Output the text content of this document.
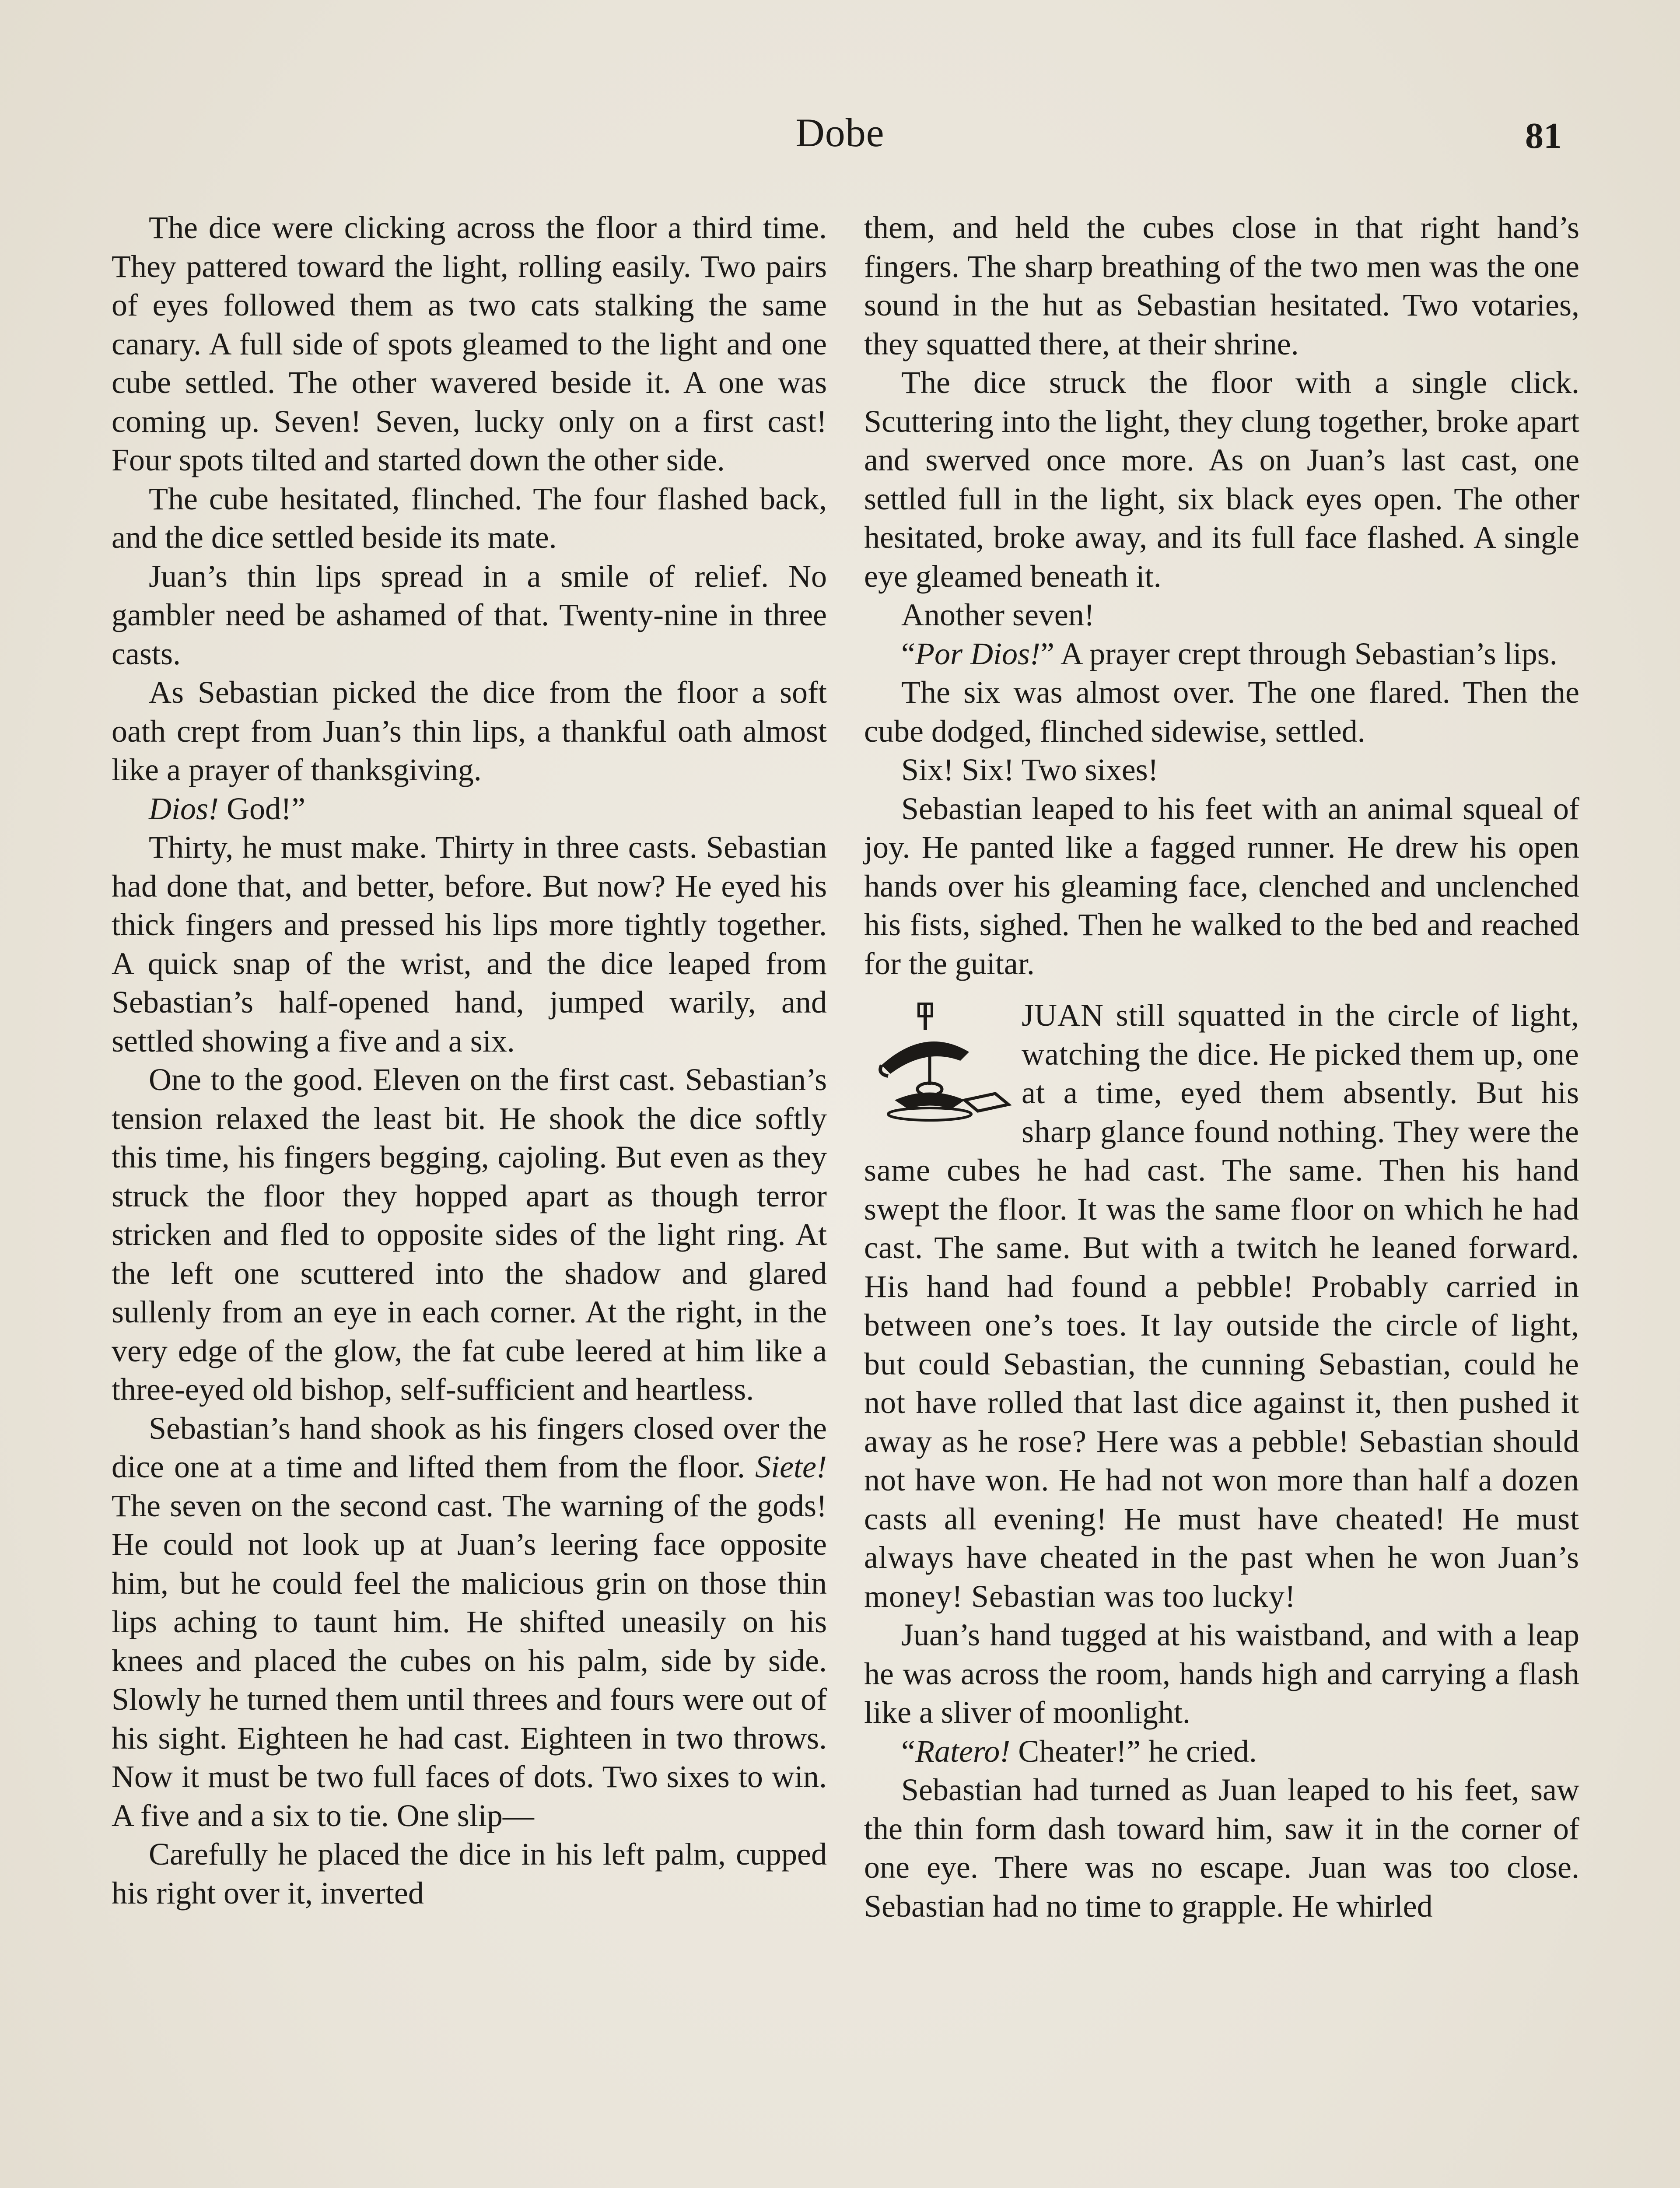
Dobe	81

The dice were clicking across the floor a third time. They pattered toward the light, rolling easily. Two pairs of eyes followed them as two cats stalking the same canary. A full side of spots gleamed to the light and one cube settled. The other wavered beside it. A one was coming up. Seven! Seven, lucky only on a first cast! Four spots tilted and started down the other side.

The cube hesitated, flinched. The four flashed back, and the dice settled beside its mate.

Juan’s thin lips spread in a smile of relief. No gambler need be ashamed of that. Twenty-nine in three casts.

As Sebastian picked the dice from the floor a soft oath crept from Juan’s thin lips, a thankful oath almost like a prayer of thanksgiving.

Dios! God!”

Thirty, he must make. Thirty in three casts. Sebastian had done that, and better, before. But now? He eyed his thick fingers and pressed his lips more tightly together. A quick snap of the wrist, and the dice leaped from Sebastian’s half-opened hand, jumped warily, and settled showing a five and a six.

One to the good. Eleven on the first cast. Sebastian’s tension relaxed the least bit. He shook the dice softly this time, his fingers begging, cajoling. But even as they struck the floor they hopped apart as though terror stricken and fled to opposite sides of the light ring. At the left one scuttered into the shadow and glared sullenly from an eye in each corner. At the right, in the very edge of the glow, the fat cube leered at him like a three-eyed old bishop, self-sufficient and heartless.

Sebastian’s hand shook as his fingers closed over the dice one at a time and lifted them from the floor. Siete! The seven on the second cast. The warning of the gods! He could not look up at Juan’s leering face opposite him, but he could feel the malicious grin on those thin lips aching to taunt him. He shifted uneasily on his knees and placed the cubes on his palm, side by side. Slowly he turned them until threes and fours were out of his sight. Eighteen he had cast. Eighteen in two throws. Now it must be two full faces of dots. Two sixes to win. A five and a six to tie. One slip—

Carefully he placed the dice in his left palm, cupped his right over it, inverted

them, and held the cubes close in that right hand’s fingers. The sharp breathing of the two men was the one sound in the hut as Sebastian hesitated. Two votaries, they squatted there, at their shrine.

The dice struck the floor with a single click. Scuttering into the light, they clung together, broke apart and swerved once more. As on Juan’s last cast, one settled full in the light, six black eyes open. The other hesitated, broke away, and its full face flashed. A single eye gleamed beneath it.

Another seven!

“Por Dios!” A prayer crept through Sebastian’s lips.

The six was almost over. The one flared. Then the cube dodged, flinched sidewise, settled.

Six! Six! Two sixes!

Sebastian leaped to his feet with an animal squeal of joy. He panted like a fagged runner. He drew his open hands over his gleaming face, clenched and unclenched his fists, sighed. Then he walked to the bed and reached for the guitar.

JUAN still squatted in the circle of light, watching the dice. He picked them up, one at a time, eyed them absently. But his sharp glance found nothing. They were the same cubes he had cast. The same. Then his hand swept the floor. It was the same floor on which he had cast. The same. But with a twitch he leaned forward. His hand had found a pebble! Probably carried in between one’s toes. It lay outside the circle of light, but could Sebastian, the cunning Sebastian, could he not have rolled that last dice against it, then pushed it away as he rose? Here was a pebble! Sebastian should not have won. He had not won more than half a dozen casts all evening! He must have cheated! He must always have cheated in the past when he won Juan’s money! Sebastian was too lucky!

Juan’s hand tugged at his waistband, and with a leap he was across the room, hands high and carrying a flash like a sliver of moonlight.

“Ratero! Cheater!” he cried.

Sebastian had turned as Juan leaped to his feet, saw the thin form dash toward him, saw it in the corner of one eye. There was no escape. Juan was too close. Sebastian had no time to grapple. He whirled
